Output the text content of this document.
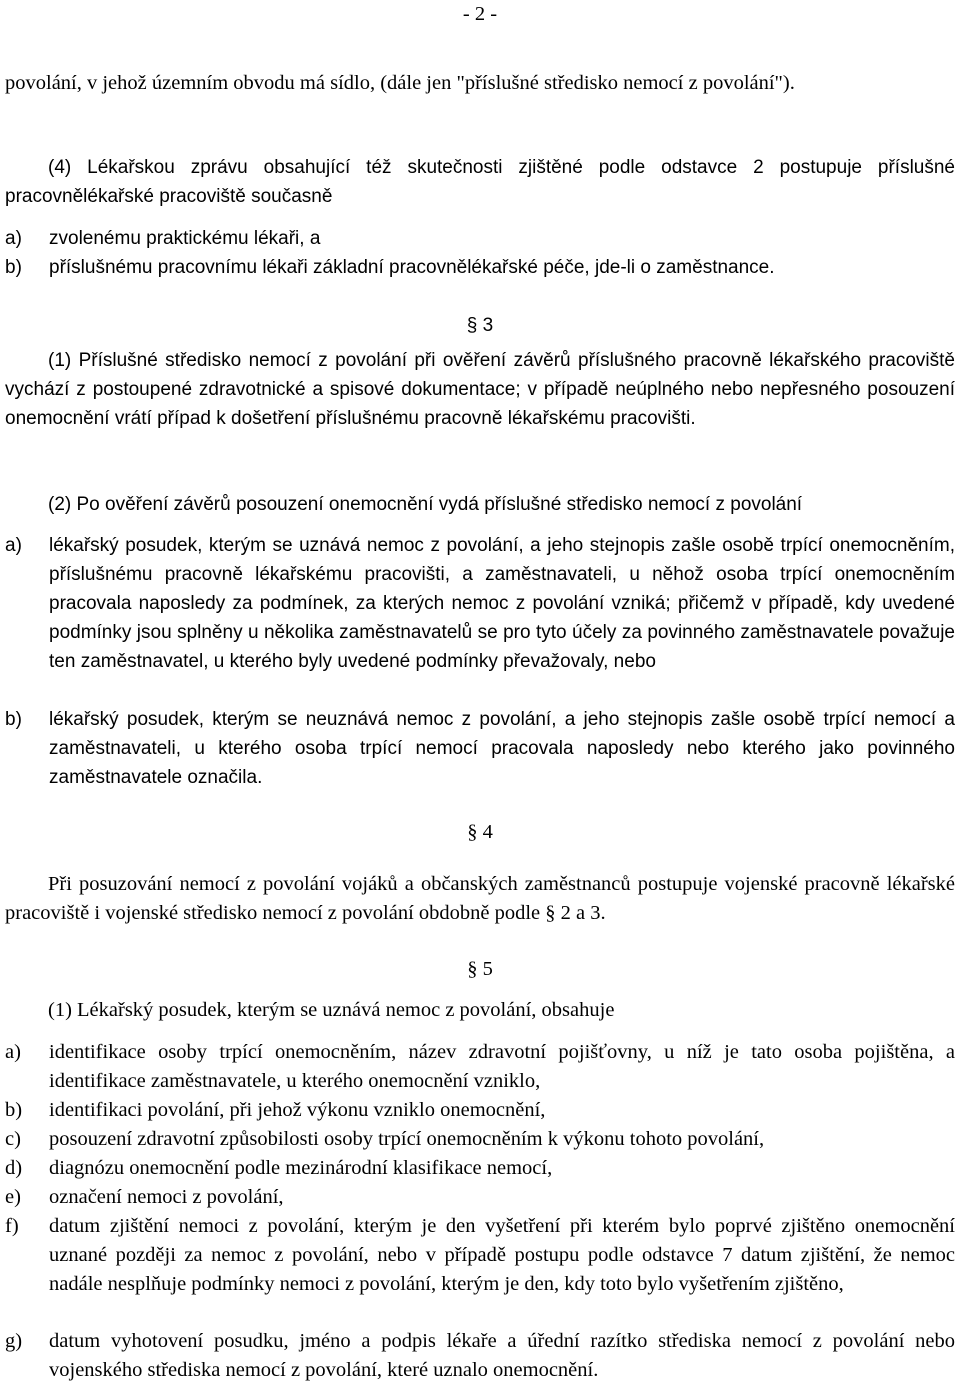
- 2 -
povolání, v jehož územním obvodu má sídlo, (dále jen "příslušné středisko nemocí z povolání").
(4) Lékařskou zprávu obsahující též skutečnosti zjištěné podle odstavce 2 postupuje příslušné pracovnělékařské pracoviště současně
a) zvolenému praktickému lékaři, a
b) příslušnému pracovnímu lékaři základní pracovnělékařské péče, jde-li o zaměstnance.
§ 3
(1) Příslušné středisko nemocí z povolání při ověření závěrů příslušného pracovně lékařského pracoviště vychází z postoupené zdravotnické a spisové dokumentace; v případě neúplného nebo nepřesného posouzení onemocnění vrátí případ k došetření příslušnému pracovně lékařskému pracovišti.
(2) Po ověření závěrů posouzení onemocnění vydá příslušné středisko nemocí z povolání
a) lékařský posudek, kterým se uznává nemoc z povolání, a jeho stejnopis zašle osobě trpící onemocněním, příslušnému pracovně lékařskému pracovišti, a zaměstnavateli, u něhož osoba trpící onemocněním pracovala naposledy za podmínek, za kterých nemoc z povolání vzniká; přičemž v případě, kdy uvedené podmínky jsou splněny u několika zaměstnavatelů se pro tyto účely za povinného zaměstnavatele považuje ten zaměstnavatel, u kterého byly uvedené podmínky převažovaly, nebo
b) lékařský posudek, kterým se neuznává nemoc z povolání, a jeho stejnopis zašle osobě trpící nemocí a zaměstnavateli, u kterého osoba trpící nemocí pracovala naposledy nebo kterého jako povinného zaměstnavatele označila.
§ 4
Při posuzování nemocí z povolání vojáků a občanských zaměstnanců postupuje vojenské pracovně lékařské pracoviště i vojenské středisko nemocí z povolání obdobně podle § 2 a 3.
§ 5
(1) Lékařský posudek, kterým se uznává nemoc z povolání, obsahuje
a) identifikace osoby trpící onemocněním, název zdravotní pojišťovny, u níž je tato osoba pojištěna, a identifikace zaměstnavatele, u kterého onemocnění vzniklo,
b) identifikaci povolání, při jehož výkonu vzniklo onemocnění,
c) posouzení zdravotní způsobilosti osoby trpící onemocněním k výkonu tohoto povolání,
d) diagnózu onemocnění podle mezinárodní klasifikace nemocí,
e) označení nemoci z povolání,
f) datum zjištění nemoci z povolání, kterým je den vyšetření při kterém bylo poprvé zjištěno onemocnění uznané později za nemoc z povolání, nebo v případě postupu podle odstavce 7 datum zjištění, že nemoc nadále nesplňuje podmínky nemoci z povolání, kterým je den, kdy toto bylo vyšetřením zjištěno,
g) datum vyhotovení posudku, jméno a podpis lékaře a úřední razítko střediska nemocí z povolání nebo vojenského střediska nemocí z povolání, které uznalo onemocnění.
